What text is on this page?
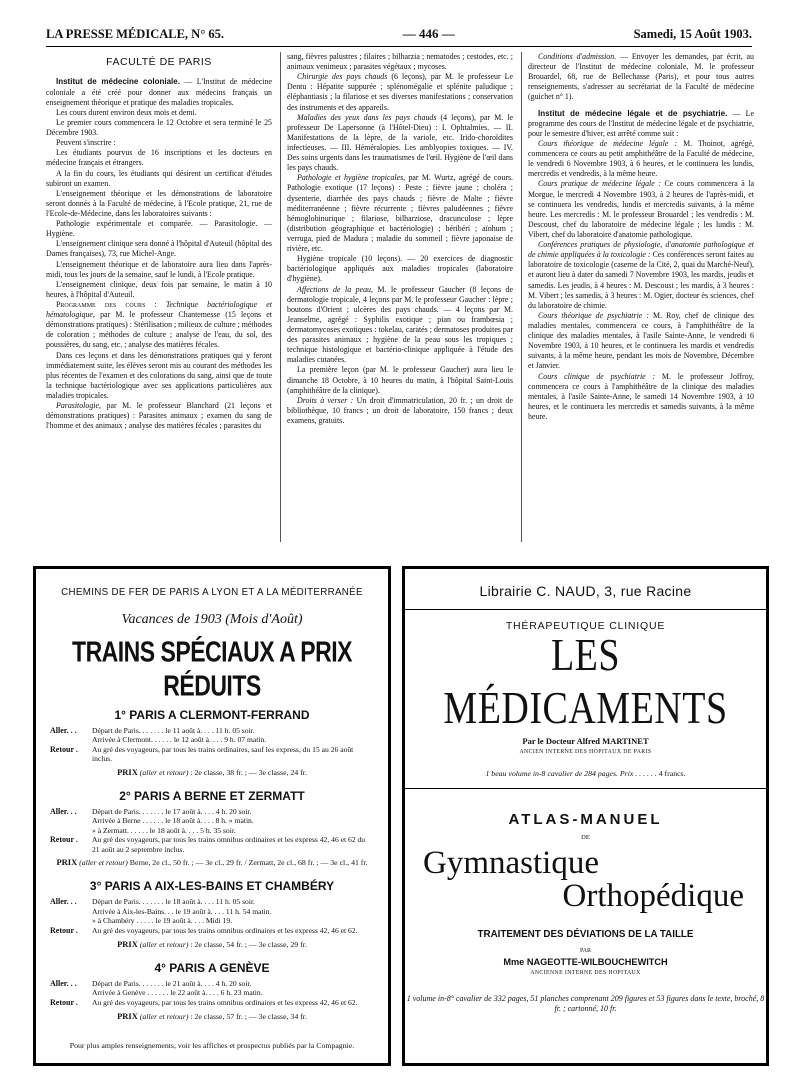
LA PRESSE MÉDICALE, N° 65.	— 446 —	Samedi, 15 Août 1903.

FACULTÉ DE PARIS

Institut de médecine coloniale. — L'Institut de médecine coloniale a été créé pour donner aux médecins français un enseignement théorique et pratique des maladies tropicales.

Les cours durent environ deux mois et demi.

Le premier cours commencera le 12 Octobre et sera terminé le 25 Décembre 1903.

Peuvent s'inscrire :

Les étudiants pourvus de 16 inscriptions et les docteurs en médecine français et étrangers.

A la fin du cours, les étudiants qui désirent un certificat d'études subiront un examen.

L'enseignement théorique et les démonstrations de laboratoire seront donnés à la Faculté de médecine, à l'Ecole pratique, 21, rue de l'Ecole-de-Médecine, dans les laboratoires suivants :

Pathologie expérimentale et comparée. — Parasitologie. — Hygiène.

L'enseignement clinique sera donné à l'hôpital d'Auteuil (hôpital des Dames françaises), 73, rue Michel-Ange.

L'enseignement théorique et de laboratoire aura lieu dans l'après-midi, tous les jours de la semaine, sauf le lundi, à l'Ecole pratique.

L'enseignement clinique, deux fois par semaine, le matin à 10 heures, à l'hôpital d'Auteuil.

Programme des cours : Technique bactériologique et hématologique, par M. le professeur Chantemesse (15 leçons et démonstrations pratiques) : Stérilisation ; milieux de culture ; méthodes de coloration ; méthodes de culture ; analyse de l'eau, du sol, des poussières, du sang, etc. ; analyse des matières fécales.

Dans ces leçons et dans les démonstrations pratiques qui y feront immédiatement suite, les élèves seront mis au courant des méthodes les plus récentes de l'examen et des colorations du sang, ainsi que de toute la technique bactériologique avec ses applications particulières aux maladies tropicales.

Parasitologie, par M. le professeur Blanchard (21 leçons et démonstrations pratiques) : Parasites animaux ; examen du sang de l'homme et des animaux ; analyse des matières fécales ; parasites du

sang, fièvres palustres ; filaires ; bilharzia ; nematodes ; cestodes, etc. ; animaux venimeux ; parasites végétaux ; mycoses.

Chirurgie des pays chauds (6 leçons), par M. le professeur Le Dentu : Hépatite suppurée ; splénomégalie et splénite paludique ; éléphantiasis ; la filariose et ses diverses manifestations ; conservation des instruments et des appareils.

Maladies des yeux dans les pays chauds (4 leçons), par M. le professeur De Lapersonne (à l'Hôtel-Dieu) : I. Ophtalmies. — II. Manifestations de la lèpre, de la variole, etc. Irido-choroïdites infectieuses. — III. Héméralopies. Les amblyopies toxiques. — IV. Des soins urgents dans les traumatismes de l'œil. Hygiène de l'œil dans les pays chauds.

Pathologie et hygiène tropicales, par M. Wurtz, agrégé de cours. Pathologie exotique (17 leçons) : Peste ; fièvre jaune ; choléra ; dysenterie, diarrhée des pays chauds ; fièvre de Malte ; fièvre méditerranéenne ; fièvre récurrente ; fièvres paludéennes ; fièvre hémoglobinurique ; filariose, bilharziose, dracunculose ; lèpre (distribution géographique et bactériologie) ; béribéri ; aïnhum ; verruga, pied de Madura ; maladie du sommeil ; fièvre japonaise de rivière, etc.

Hygiène tropicale (10 leçons). — 20 exercices de diagnostic bactériologique appliqués aux maladies tropicales (laboratoire d'hygiène).

Affections de la peau, M. le professeur Gaucher (8 leçons de dermatologie tropicale, 4 leçons par M. le professeur Gaucher : lèpre ; boutons d'Orient ; ulcères des pays chauds. — 4 leçons par M. Jeanselme, agrégé : Syphilis exotique ; pian ou frambœsia ; dermatomycoses exotiques : tokelau, caratés ; dermatoses produites par des parasites animaux ; hygiène de la peau sous les tropiques ; technique histologique et bactério-clinique appliquée à l'étude des maladies cutanées.

La première leçon (par M. le professeur Gaucher) aura lieu le dimanche 18 Octobre, à 10 heures du matin, à l'hôpital Saint-Louis (amphithéâtre de la clinique).

Droits à verser : Un droit d'immatriculation, 20 fr. ; un droit de bibliothèque, 10 francs ; un droit de laboratoire, 150 francs ; deux examens, gratuits.

Conditions d'admission. — Envoyer les demandes, par écrit, au directeur de l'Institut de médecine coloniale, M. le professeur Brouardel, 68, rue de Bellechasse (Paris), et pour tous autres renseignements, s'adresser au secrétariat de la Faculté de médecine (guichet n° 1).

Institut de médecine légale et de psychiatrie. — Le programme des cours de l'Institut de médecine légale et de psychiatrie, pour le semestre d'hiver, est arrêté comme suit :

Cours théorique de médecine légale : M. Thoinot, agrégé, commencera ce cours au petit amphithéâtre de la Faculté de médecine, le vendredi 6 Novembre 1903, à 6 heures, et le continuera les lundis, mercredis et vendredis, à la même heure.

Cours pratique de médecine légale : Ce cours commencera à la Morgue, le mercredi 4 Novembre 1903, à 2 heures de l'après-midi, et se continuera les vendredis, lundis et mercredis suivants, à la même heure. Les mercredis : M. le professeur Brouardel ; les vendredis : M. Descoust, chef du laboratoire de médecine légale ; les lundis : M. Vibert, chef du laboratoire d'anatomie pathologique.

Conférences pratiques de physiologie, d'anatomie pathologique et de chimie appliquées à la toxicologie : Ces conférences seront faites au laboratoire de toxicologie (caserne de la Cité, 2, quai du Marché-Neuf), et auront lieu à dater du samedi 7 Novembre 1903, les mardis, jeudis et samedis. Les jeudis, à 4 heures : M. Descoust ; les mardis, à 3 heures : M. Vibert ; les samedis, à 3 heures : M. Ogier, docteur ès sciences, chef du laboratoire de chimie.

Cours théorique de psychiatrie : M. Roy, chef de clinique des maladies mentales, commencera ce cours, à l'amphithéâtre de la clinique des maladies mentales, à l'asile Sainte-Anne, le vendredi 6 Novembre 1903, à 10 heures, et le continuera les mardis et vendredis suivants, à la même heure, pendant les mois de Novembre, Décembre et Janvier.

Cours clinique de psychiatrie : M. le professeur Joffroy, commencera ce cours à l'amphithéâtre de la clinique des maladies mentales, à l'asile Sainte-Anne, le samedi 14 Novembre 1903, à 10 heures, et le continuera les mercredis et samedis suivants, à la même heure.

CHEMINS DE FER DE PARIS A LYON ET A LA MÉDITERRANÉE
Vacances de 1903 (Mois d'Août)
TRAINS SPÉCIAUX A PRIX RÉDUITS
1° PARIS A CLERMONT-FERRAND
Aller. . .	Départ de Paris. . . . . . . le 11 août à. . . . 11 h. 05 soir.
Arrivée à Clermont. . . . . . le 12 août à. . . . 9 h. 07 matin.
Retour .	Au gré des voyageurs, par tous les trains ordinaires, sauf les express, du 15 au 26 août inclus.
PRIX (aller et retour) : 2e classe, 38 fr. ; — 3e classe, 24 fr.
2° PARIS A BERNE ET ZERMATT
Aller. . .	Départ de Paris. . . . . . . le 17 août à. . . . 4 h. 20 soir.
Arrivée à Berne . . . . . . le 18 août à. . . . 8 h. » matin.
» à Zermatt. . . . . . le 18 août à. . . . 5 h. 35 soir.
Retour .	Au gré des voyageurs, par tous les trains omnibus ordinaires et les express 42, 46 et 62 du 21 août au 2 septembre inclus.
PRIX (aller et retour) Berne, 2e cl., 50 fr. ; — 3e cl., 29 fr. / Zermatt, 2e cl., 68 fr. ; — 3e cl., 41 fr.
3° PARIS A AIX-LES-BAINS ET CHAMBÉRY
Aller. . .	Départ de Paris. . . . . . . le 18 août à. . . . 11 h. 05 soir.
Arrivée à Aix-les-Bains. . . le 19 août à. . . . 11 h. 54 matin.
» à Chambéry . . . . . le 19 août à. . . . Midi 19.
Retour .	Au gré des voyageurs, par tous les trains omnibus ordinaires et les express 42, 46 et 62.
PRIX (aller et retour) : 2e classe, 54 fr. ; — 3e classe, 29 fr.
4° PARIS A GENÈVE
Aller. . .	Départ de Paris. . . . . . . le 21 août à. . . . 4 h. 20 soir.
Arrivée à Genève . . . . . . le 22 août à. . . . 6 h. 23 matin.
Retour .	Au gré des voyageurs, par tous les trains omnibus ordinaires et les express 42, 46 et 62.
PRIX (aller et retour) : 2e classe, 57 fr. ; — 3e classe, 34 fr.
Pour plus amples renseignements, voir les affiches et prospectus publiés par la Compagnie.
Librairie C. NAUD, 3, rue Racine
THÉRAPEUTIQUE CLINIQUE
LES MÉDICAMENTS
Par le Docteur Alfred MARTINET
ANCIEN INTERNE DES HOPITAUX DE PARIS
1 beau volume in-8 cavalier de 284 pages. Prix . . . . . . 4 francs.
ATLAS-MANUEL
DE
Gymnastique
Orthopédique
TRAITEMENT DES DÉVIATIONS DE LA TAILLE
PAR
Mme NAGEOTTE-WILBOUCHEWITCH
ANCIENNE INTERNE DES HOPITAUX
1 volume in-8° cavalier de 332 pages, 51 planches comprenant 209 figures et 53 figures dans le texte, broché, 8 fr. ; cartonné, 10 fr.
